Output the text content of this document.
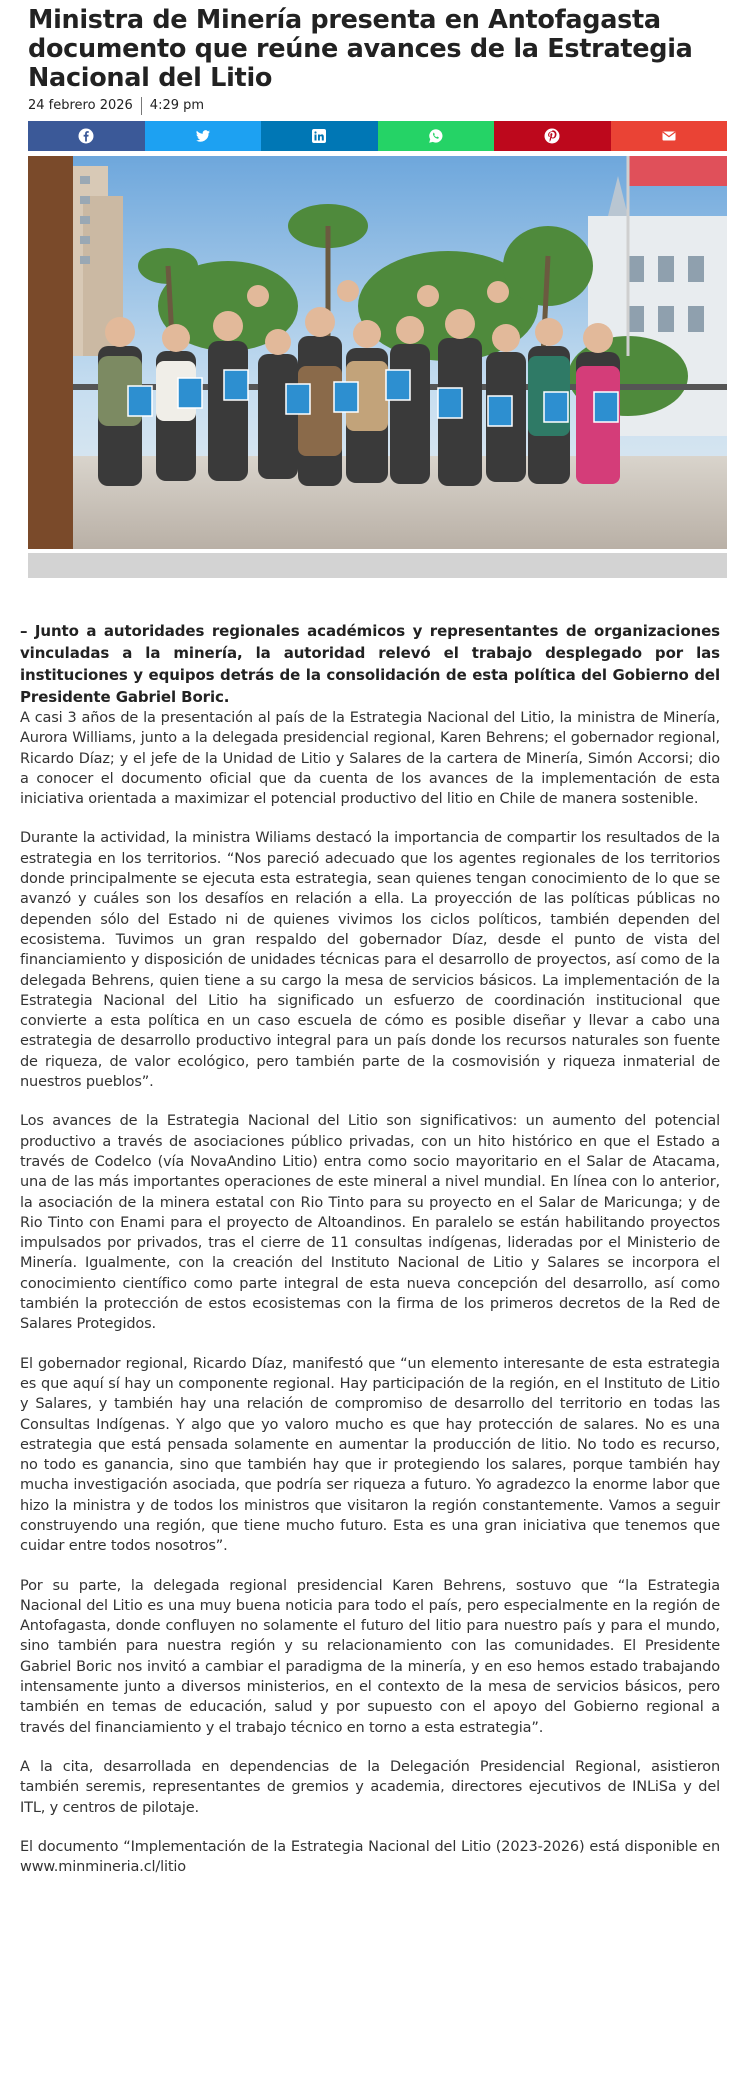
Ministra de Minería presenta en Antofagasta documento que reúne avances de la Estrategia Nacional del Litio
24 febrero 2026 4:29 pm

– Junto a autoridades regionales académicos y representantes de organizaciones vinculadas a la minería, la autoridad relevó el trabajo desplegado por las instituciones y equipos detrás de la consolidación de esta política del Gobierno del Presidente Gabriel Boric.

A casi 3 años de la presentación al país de la Estrategia Nacional del Litio, la ministra de Minería, Aurora Williams, junto a la delegada presidencial regional, Karen Behrens; el gobernador regional, Ricardo Díaz; y el jefe de la Unidad de Litio y Salares de la cartera de Minería, Simón Accorsi; dio a conocer el documento oficial que da cuenta de los avances de la implementación de esta iniciativa orientada a maximizar el potencial productivo del litio en Chile de manera sostenible.

Durante la actividad, la ministra Wiliams destacó la importancia de compartir los resultados de la estrategia en los territorios. “Nos pareció adecuado que los agentes regionales de los territorios donde principalmente se ejecuta esta estrategia, sean quienes tengan conocimiento de lo que se avanzó y cuáles son los desafíos en relación a ella. La proyección de las políticas públicas no dependen sólo del Estado ni de quienes vivimos los ciclos políticos, también dependen del ecosistema. Tuvimos un gran respaldo del gobernador Díaz, desde el punto de vista del financiamiento y disposición de unidades técnicas para el desarrollo de proyectos, así como de la delegada Behrens, quien tiene a su cargo la mesa de servicios básicos. La implementación de la Estrategia Nacional del Litio ha significado un esfuerzo de coordinación institucional que convierte a esta política en un caso escuela de cómo es posible diseñar y llevar a cabo una estrategia de desarrollo productivo integral para un país donde los recursos naturales son fuente de riqueza, de valor ecológico, pero también parte de la cosmovisión y riqueza inmaterial de nuestros pueblos”.

Los avances de la Estrategia Nacional del Litio son significativos: un aumento del potencial productivo a través de asociaciones público privadas, con un hito histórico en que el Estado a través de Codelco (vía NovaAndino Litio) entra como socio mayoritario en el Salar de Atacama, una de las más importantes operaciones de este mineral a nivel mundial. En línea con lo anterior, la asociación de la minera estatal con Rio Tinto para su proyecto en el Salar de Maricunga; y de Rio Tinto con Enami para el proyecto de Altoandinos. En paralelo se están habilitando proyectos impulsados por privados, tras el cierre de 11 consultas indígenas, lideradas por el Ministerio de Minería. Igualmente, con la creación del Instituto Nacional de Litio y Salares se incorpora el conocimiento científico como parte integral de esta nueva concepción del desarrollo, así como también la protección de estos ecosistemas con la firma de los primeros decretos de la Red de Salares Protegidos.

El gobernador regional, Ricardo Díaz, manifestó que “un elemento interesante de esta estrategia es que aquí sí hay un componente regional. Hay participación de la región, en el Instituto de Litio y Salares, y también hay una relación de compromiso de desarrollo del territorio en todas las Consultas Indígenas. Y algo que yo valoro mucho es que hay protección de salares. No es una estrategia que está pensada solamente en aumentar la producción de litio. No todo es recurso, no todo es ganancia, sino que también hay que ir protegiendo los salares, porque también hay mucha investigación asociada, que podría ser riqueza a futuro. Yo agradezco la enorme labor que hizo la ministra y de todos los ministros que visitaron la región constantemente. Vamos a seguir construyendo una región, que tiene mucho futuro. Esta es una gran iniciativa que tenemos que cuidar entre todos nosotros”.

Por su parte, la delegada regional presidencial Karen Behrens, sostuvo que “la Estrategia Nacional del Litio es una muy buena noticia para todo el país, pero especialmente en la región de Antofagasta, donde confluyen no solamente el futuro del litio para nuestro país y para el mundo, sino también para nuestra región y su relacionamiento con las comunidades. El Presidente Gabriel Boric nos invitó a cambiar el paradigma de la minería, y en eso hemos estado trabajando intensamente junto a diversos ministerios, en el contexto de la mesa de servicios básicos, pero también en temas de educación, salud y por supuesto con el apoyo del Gobierno regional a través del financiamiento y el trabajo técnico en torno a esta estrategia”.

A la cita, desarrollada en dependencias de la Delegación Presidencial Regional, asistieron también seremis, representantes de gremios y academia, directores ejecutivos de INLiSa y del ITL, y centros de pilotaje.

El documento “Implementación de la Estrategia Nacional del Litio (2023-2026) está disponible en www.minmineria.cl/litio
